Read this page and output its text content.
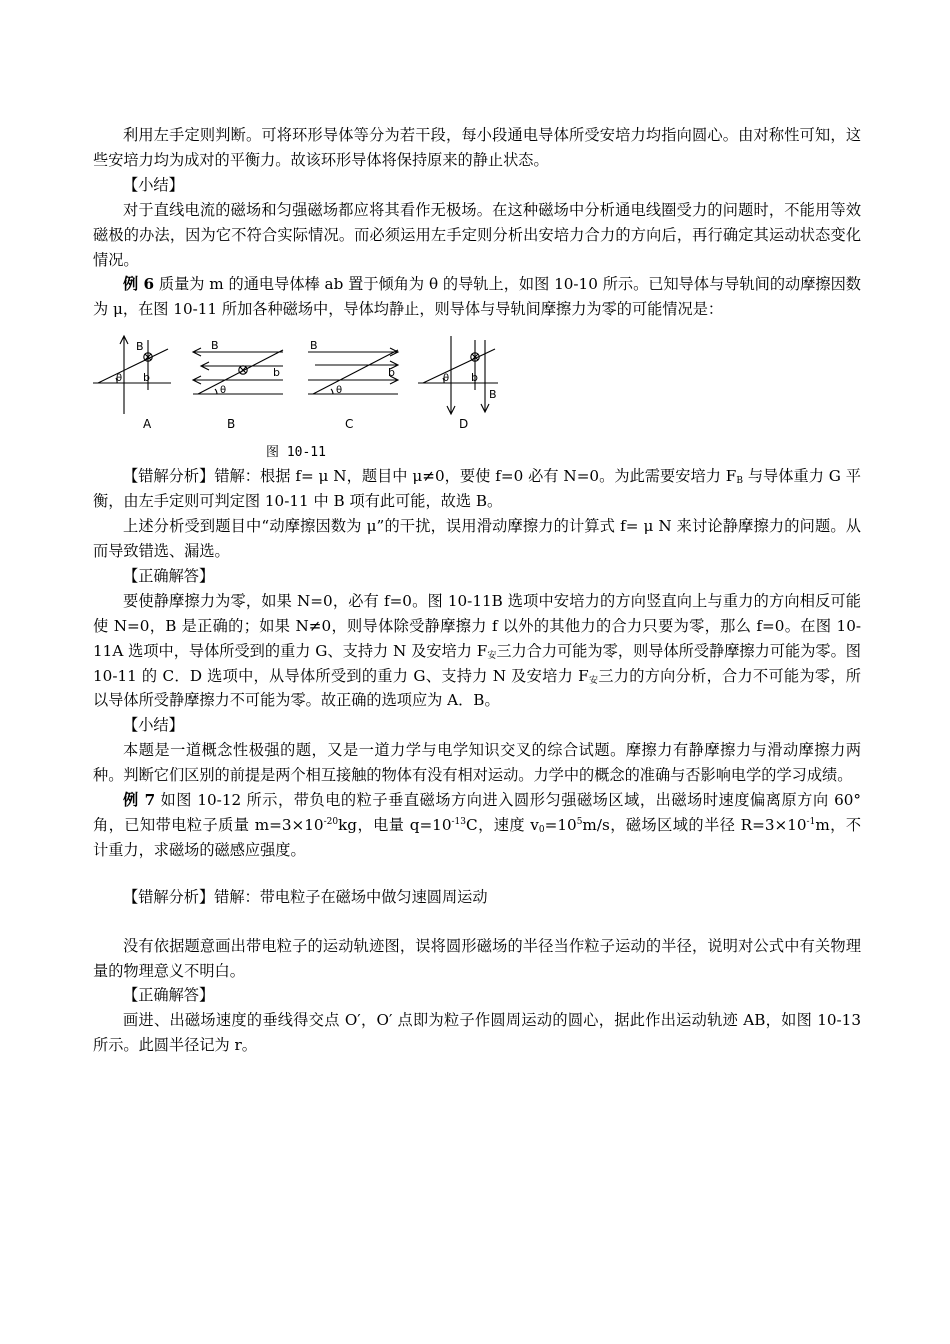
利用左手定则判断。可将环形导体等分为若干段，每小段通电导体所受安培力均指向圆心。由对称性可知，这些安培力均为成对的平衡力。故该环形导体将保持原来的静止状态。

【小结】

对于直线电流的磁场和匀强磁场都应将其看作无极场。在这种磁场中分析通电线圈受力的问题时，不能用等效磁极的办法，因为它不符合实际情况。而必须运用左手定则分析出安培力合力的方向后，再行确定其运动状态变化情况。

例 6 质量为 m 的通电导体棒 ab 置于倾角为 θ 的导轨上，如图 10-10 所示。已知导体与导轨间的动摩擦因数为 μ，在图 10-11 所加各种磁场中，导体均静止，则导体与导轨间摩擦力为零的可能情况是：

B
b
θ
A
B
b
θ
B
B
b
θ
C
B
b
θ
D
图 10-11

【错解分析】错解：根据 f= μ N，题目中 μ≠0，要使 f=0 必有 N=0。为此需要安培力 $F_B$ 与导体重力 G 平衡，由左手定则可判定图 10-11 中 B 项有此可能，故选 B。

上述分析受到题目中“动摩擦因数为 μ”的干扰，误用滑动摩擦力的计算式 f= μ N 来讨论静摩擦力的问题。从而导致错选、漏选。

【正确解答】

要使静摩擦力为零，如果 N=0，必有 f=0。图 10-11B 选项中安培力的方向竖直向上与重力的方向相反可能使 N=0，B 是正确的；如果 N≠0，则导体除受静摩擦力 f 以外的其他力的合力只要为零，那么 f=0。在图 10-11A 选项中，导体所受到的重力 G、支持力 N 及安培力 $F_安$三力合力可能为零，则导体所受静摩擦力可能为零。图 10-11 的 C．D 选项中，从导体所受到的重力 G、支持力 N 及安培力 $F_安$三力的方向分析，合力不可能为零，所以导体所受静摩擦力不可能为零。故正确的选项应为 A．B。

【小结】

本题是一道概念性极强的题，又是一道力学与电学知识交叉的综合试题。摩擦力有静摩擦力与滑动摩擦力两种。判断它们区别的前提是两个相互接触的物体有没有相对运动。力学中的概念的准确与否影响电学的学习成绩。

例 7 如图 10-12 所示，带负电的粒子垂直磁场方向进入圆形匀强磁场区域，出磁场时速度偏离原方向 60° 角，已知带电粒子质量 $m=3\times 10^{-20}kg$，电量 $q=10^{-13}C$，速度 $v_0=10^5m/s$，磁场区域的半径 $R=3\times 10^{-1}m$，不计重力，求磁场的磁感应强度。

【错解分析】错解：带电粒子在磁场中做匀速圆周运动

没有依据题意画出带电粒子的运动轨迹图，误将圆形磁场的半径当作粒子运动的半径，说明对公式中有关物理量的物理意义不明白。

【正确解答】

画进、出磁场速度的垂线得交点 O′，O′ 点即为粒子作圆周运动的圆心，据此作出运动轨迹 AB，如图 10-13 所示。此圆半径记为 r。
